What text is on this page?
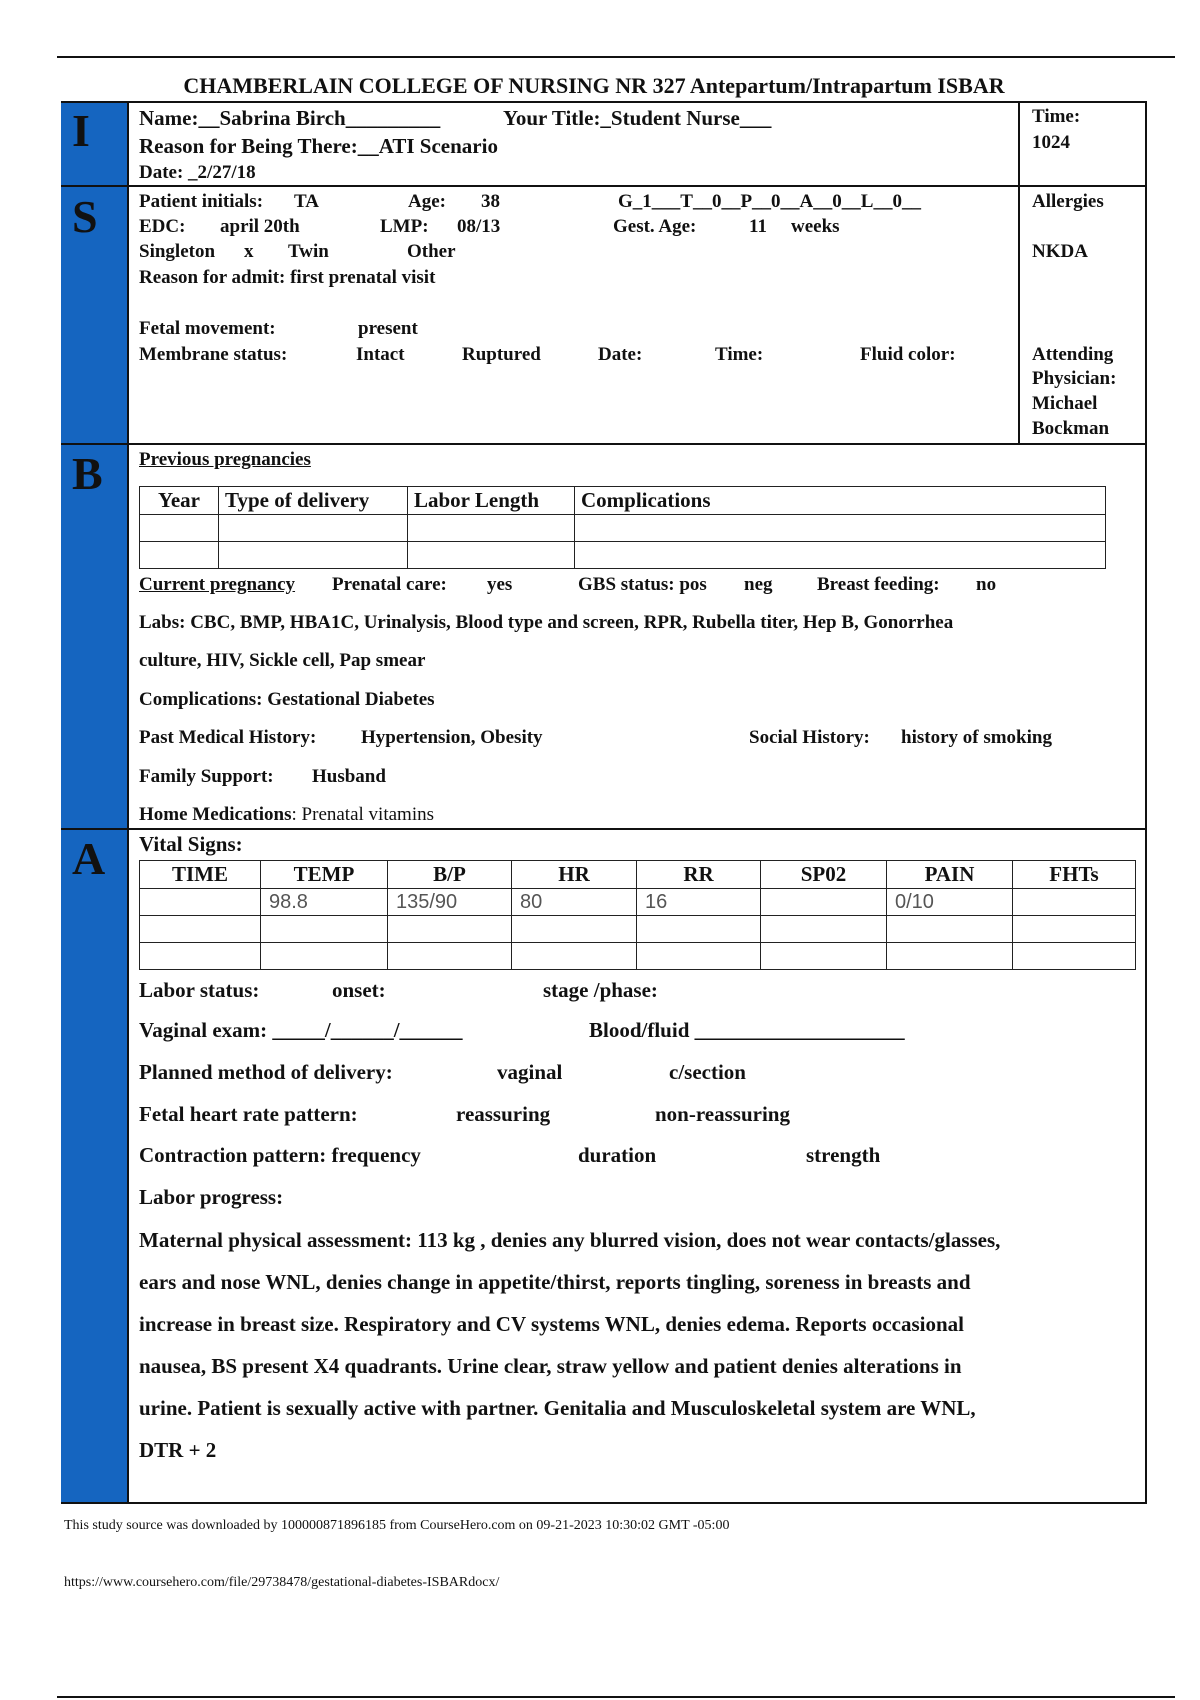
CHAMBERLAIN COLLEGE OF NURSING NR 327 Antepartum/Intrapartum ISBAR
I
S
B
A
Name:__Sabrina Birch_________	Your Title:_Student Nurse___
Reason for Being There:__ATI Scenario
Date: _2/27/18
Time:
1024
Patient initials: TA	Age: 38	G_1___T__0__P__0__A__0__L__0__	Allergies
EDC: april 20th	LMP: 08/13	Gest. Age:	11 weeks
Singleton x Twin	Other	NKDA
Reason for admit: first prenatal visit
Fetal movement:	present
Membrane status:	Intact	Ruptured	Date:	Time:	Fluid color:	Attending
Physician:
Michael
Bockman
Previous pregnancies
Year	Type of delivery	Labor Length	Complications

Current pregnancy Prenatal care: yes	GBS status: pos neg Breast feeding: no
Labs: CBC, BMP, HBA1C, Urinalysis, Blood type and screen, RPR, Rubella titer, Hep B, Gonorrhea
culture, HIV, Sickle cell, Pap smear
Complications: Gestational Diabetes
Past Medical History: Hypertension, Obesity	Social History: history of smoking
Family Support: Husband
Home Medications: Prenatal vitamins
Vital Signs:
TIME	TEMP	B/P	HR	RR	SP02	PAIN	FHTs
	98.8	135/90	80	16		0/10	

Labor status:	onset:	stage /phase:
Vaginal exam: _____/______/______	Blood/fluid ____________________
Planned method of delivery:	vaginal	c/section
Fetal heart rate pattern:	reassuring	non-reassuring
Contraction pattern: frequency	duration	strength
Labor progress:
Maternal physical assessment: 113 kg , denies any blurred vision, does not wear contacts/glasses,
ears and nose WNL, denies change in appetite/thirst, reports tingling, soreness in breasts and
increase in breast size. Respiratory and CV systems WNL, denies edema. Reports occasional
nausea, BS present X4 quadrants. Urine clear, straw yellow and patient denies alterations in
urine. Patient is sexually active with partner. Genitalia and Musculoskeletal system are WNL,
DTR + 2
This study source was downloaded by 100000871896185 from CourseHero.com on 09-21-2023 10:30:02 GMT -05:00
https://www.coursehero.com/file/29738478/gestational-diabetes-ISBARdocx/
